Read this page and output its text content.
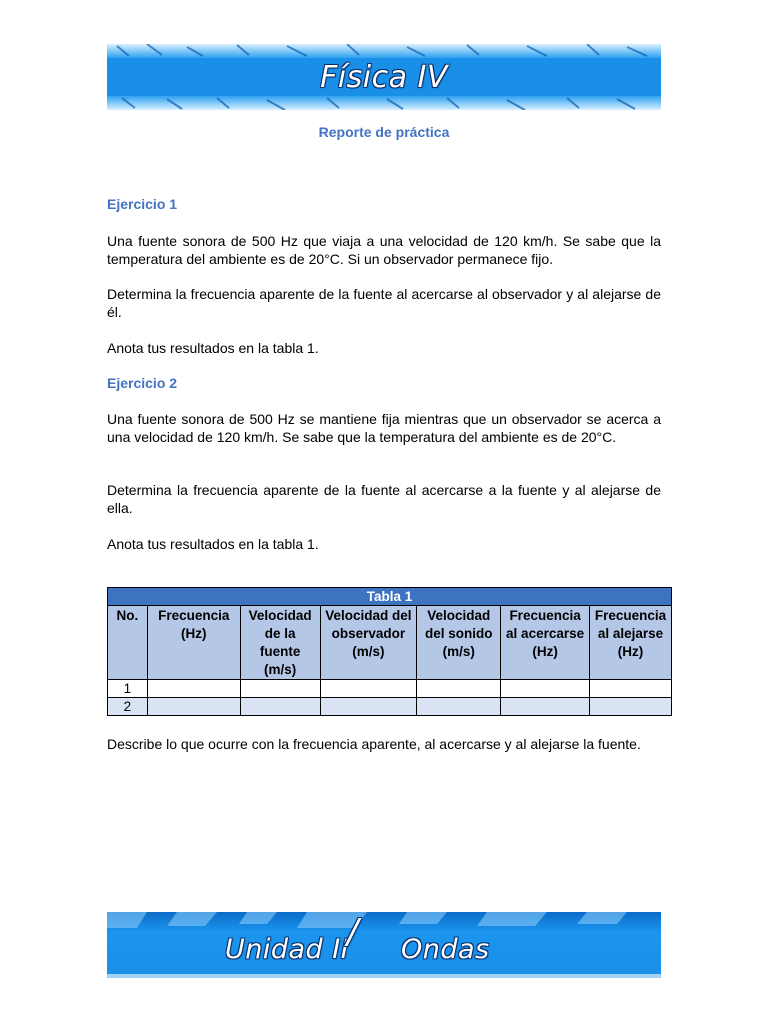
Física IV
Reporte de práctica
Ejercicio 1
Una fuente sonora de 500 Hz que viaja a una velocidad de 120 km/h. Se sabe que la temperatura del ambiente es de 20°C. Si un observador permanece fijo.
Determina la frecuencia aparente de la fuente al acercarse al observador y al alejarse de él.
Anota tus resultados en la tabla 1.
Ejercicio 2
Una fuente sonora de 500 Hz se mantiene fija mientras que un observador se acerca a una velocidad de 120 km/h. Se sabe que la temperatura del ambiente es de 20°C.
Determina la frecuencia aparente de la fuente al acercarse a la fuente y al alejarse de ella.
Anota tus resultados en la tabla 1.
Tabla 1						
No.	Frecuencia (Hz)	Velocidad de la fuente (m/s)	Velocidad del observador (m/s)	Velocidad del sonido (m/s)	Frecuencia al acercarse (Hz)	Frecuencia al alejarse (Hz)
1						
2						
Describe lo que ocurre con la frecuencia aparente, al acercarse y al alejarse la fuente.
Unidad II
/ Ondas
